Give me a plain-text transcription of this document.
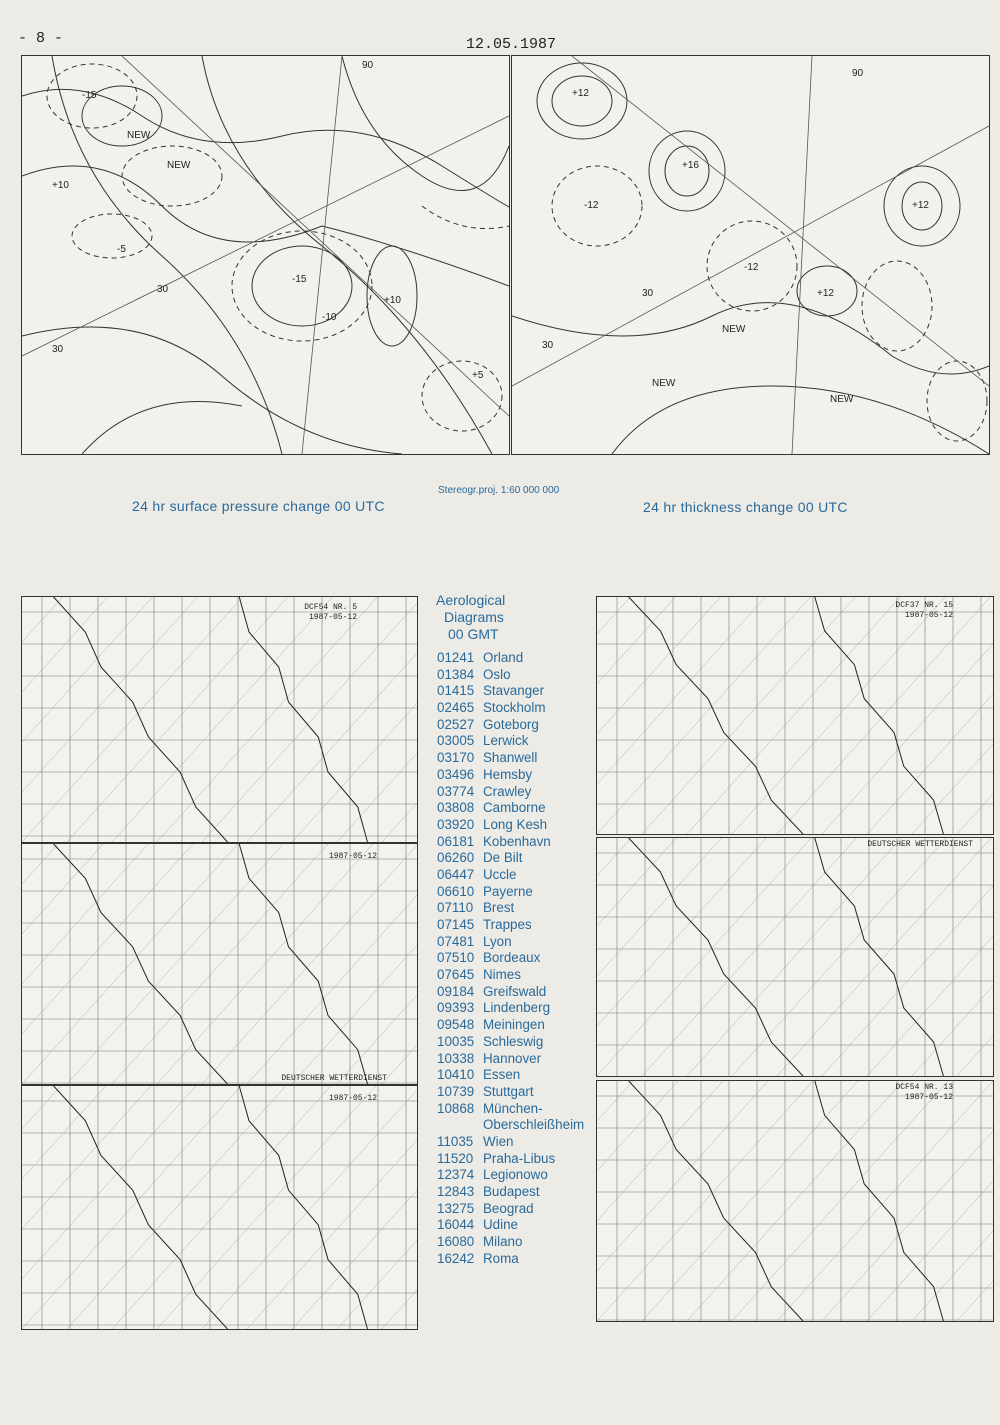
- 8 -	12.05.1987
-15
NEW
NEW
+10
-15
+10
-10
30
30
+5
-5
90
+12
+16
+12
+12
-12
-12
NEW
NEW
NEW
30
30
90
24 hr surface pressure change 00 UTC
Stereogr.proj. 1:60 000 000
24 hr thickness change 00 UTC
Aerological
Diagrams
00 GMT
01241 Orland
01384 Oslo
01415 Stavanger
02465 Stockholm
02527 Goteborg
03005 Lerwick
03170 Shanwell
03496 Hemsby
03774 Crawley
03808 Camborne
03920 Long Kesh
06181 Kobenhavn
06260 De Bilt
06447 Uccle
06610 Payerne
07110 Brest
07145 Trappes
07481 Lyon
07510 Bordeaux
07645 Nimes
09184 Greifswald
09393 Lindenberg
09548 Meiningen
10035 Schleswig
10338 Hannover
10410 Essen
10739 Stuttgart
10868 München-
Oberschleißheim
11035 Wien
11520 Praha-Libus
12374 Legionowo
12843 Budapest
13275 Beograd
16044 Udine
16080 Milano
16242 Roma
DCF54 NR. 5
1987-05-12
1987-05-12
DEUTSCHER WETTERDIENST
1987-05-12
DCF37 NR. 15
1987-05-12
DEUTSCHER WETTERDIENST
DCF54 NR. 13
1987-05-12
